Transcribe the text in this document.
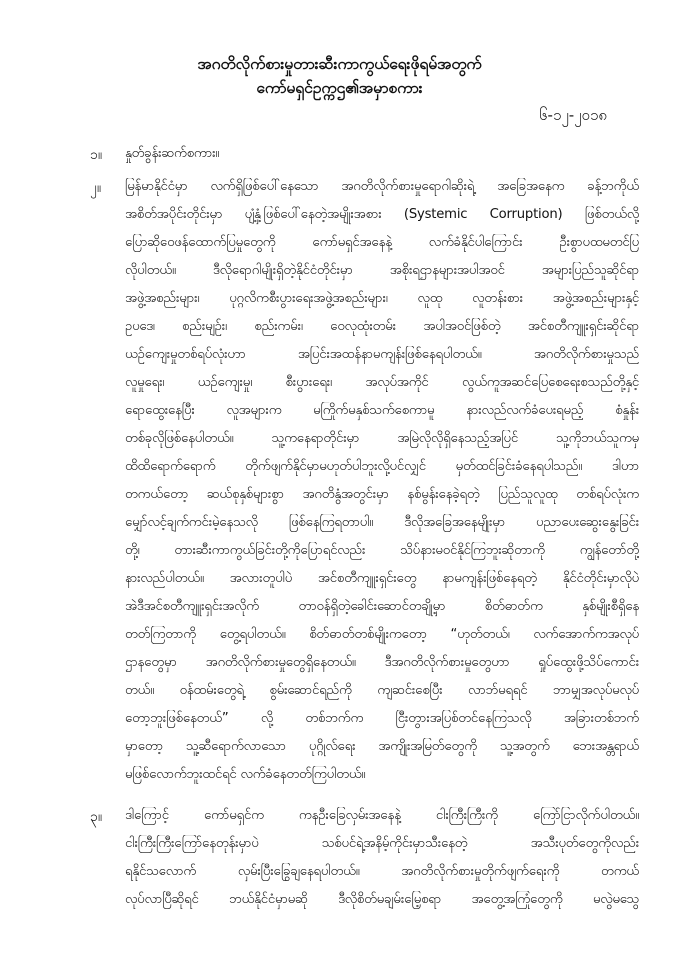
အဂတိလိုက်စားမှုတားဆီးကာကွယ်ရေးဖိုရမ်အတွက်
ကော်မရှင်ဥက္ကဌ၏အမှာစကား
၆-၁၂-၂၀၁၈
၁။ နှုတ်ခွန်းဆက်စကား။
၂။ မြန်မာနိုင်ငံမှာ လက်ရှိဖြစ်ပေါ်နေသော အဂတိလိုက်စားမှုရောဂါဆိုးရဲ့ အခြေအနေက ခန့်ဘကိုယ်
အစိတ်အပိုင်းတိုင်းမှာ ပျံ့နှံ့ဖြစ်ပေါ်နေတဲ့အမျိုးအစား (Systemic Corruption) ဖြစ်တယ်လို့
ပြောဆိုဝေဖန်ထောက်ပြမှုတွေကို ကော်မရှင်အနေနဲ့ လက်ခံနိုင်ပါကြောင်း ဦးစွာပထမတင်ပြ
လိုပါတယ်။ ဒီလိုရောဂါမျိုးရှိတဲ့နိုင်ငံတိုင်းမှာ အစိုးရဌာနများအပါအဝင် အများပြည်သူဆိုင်ရာ
အဖွဲ့အစည်းများ၊ ပုဂ္ဂလိကစီးပွားရေးအဖွဲ့အစည်းများ၊ လူထု လူတန်းစား အဖွဲ့အစည်းများနှင့်
ဥပဒေ၊ စည်းမျဉ်း၊ စည်းကမ်း၊ ဝေလုထုံးတမ်း အပါအဝင်ဖြစ်တဲ့ အင်စတီကျူးရှင်းဆိုင်ရာ
ယဉ်ကျေးမှုတစ်ရပ်လုံးဟာ အပြင်းအထန်နာမကျန်းဖြစ်နေရပါတယ်။ အဂတိလိုက်စားမှုသည်
လူမှုရေး၊ ယဉ်ကျေးမှု၊ စီးပွားရေး၊ အလုပ်အကိုင် လွယ်ကူအဆင်ပြေစေရေးစသည်တို့နှင့်
ရောထွေးနေပြီး လူအများက မကြိုက်မနှစ်သက်စေကာမူ နားလည်လက်ခံပေးရမည့် စံနှုန်း
တစ်ခုလိုဖြစ်နေပါတယ်။ သူ့ကနေရာတိုင်းမှာ အမြဲလိုလိုရှိနေသည့်အပြင် သူ့ကိုဘယ်သူကမှ
ထိထိရောက်ရောက် တိုက်ဖျက်နိုင်မှာမဟုတ်ပါဘူးလို့ပင်လျှင် မှတ်ထင်ခြင်းခံနေရပါသည်။ ဒါဟာ
တကယ်တော့ ဆယ်စုနှစ်များစွာ အဂတိနွံအတွင်းမှာ နစ်မွန်းနေခဲ့ရတဲ့ ပြည်သူလူထု တစ်ရပ်လုံးက
မျှော်လင့်ချက်ကင်းမဲ့နေသလို ဖြစ်နေကြရတာပါ။ ဒီလိုအခြေအနေမျိုးမှာ ပညာပေးဆွေးနွေးခြင်း
တို့၊ တားဆီးကာကွယ်ခြင်းတို့ကိုပြောရင်လည်း သိပ်နားမဝင်နိုင်ကြဘူးဆိုတာကို ကျွန်တော်တို့
နားလည်ပါတယ်။ အလားတူပါပဲ အင်စတီကျူးရှင်းတွေ နာမကျန်းဖြစ်နေရတဲ့ နိုင်ငံတိုင်းမှာလိုပဲ
အဲဒီအင်စတီကျူးရှင်းအလိုက် တာဝန်ရှိတဲ့ခေါင်းဆောင်တချို့မှာ စိတ်ဓာတ်က နှစ်မျိုးစီရှိနေ
တတ်ကြတာကို တွေ့ရပါတယ်။ စိတ်ဓာတ်တစ်မျိုးကတော့ “ဟုတ်တယ်၊ လက်အောက်ကအလုပ်
ဌာနတွေမှာ အဂတိလိုက်စားမှုတွေရှိနေတယ်။ ဒီအဂတိလိုက်စားမှုတွေဟာ ရှုပ်ထွေးဖို့သိပ်ကောင်း
တယ်။ ဝန်ထမ်းတွေရဲ့ စွမ်းဆောင်ရည်ကို ကျဆင်းစေပြီး လာဘ်မရရင် ဘာမျှအလုပ်မလုပ်
တော့ဘူးဖြစ်နေတယ်” လို့ တစ်ဘက်က ငြီးတွားအပြစ်တင်နေကြသလို အခြားတစ်ဘက်
မှာတော့ သူ့ဆီရောက်လာသော ပုဂ္ဂိုလ်ရေး အကျိုးအမြတ်တွေကို သူ့အတွက် ဘေးအန္တရာယ်
မဖြစ်လောက်ဘူးထင်ရင် လက်ခံနေတတ်ကြပါတယ်။
၃။ ဒါကြောင့် ကော်မရှင်က ကနဦးခြေလှမ်းအနေနဲ့ ငါးကြီးကြီးကို ကြော်ငြာလိုက်ပါတယ်။
ငါးကြီးကြီးကြော်နေတုန်းမှာပဲ သစ်ပင်ရဲ့အနိမ့်ကိုင်းမှာသီးနေတဲ့ အသီးပုတ်တွေကိုလည်း
ရနိုင်သလောက် လှမ်းပြီးခြွေချနေရပါတယ်။ အဂတိလိုက်စားမှုတိုက်ဖျက်ရေးကို တကယ်
လုပ်လာပြီဆိုရင် ဘယ်နိုင်ငံမှာမဆို ဒီလိုစိတ်မချမ်းမြေ့စရာ အတွေ့အကြုံတွေကို မလွဲမသွေ
